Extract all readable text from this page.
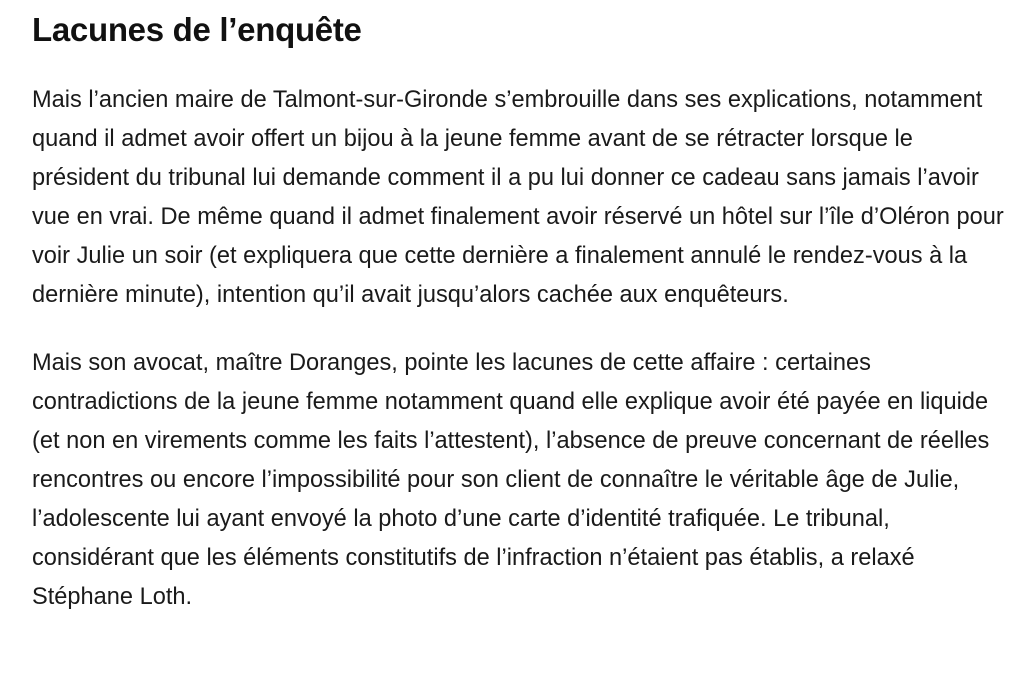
Lacunes de l’enquête

Mais l’ancien maire de Talmont-sur-Gironde s’embrouille dans ses explications, notamment quand il admet avoir offert un bijou à la jeune femme avant de se rétracter lorsque le président du tribunal lui demande comment il a pu lui donner ce cadeau sans jamais l’avoir vue en vrai. De même quand il admet finalement avoir réservé un hôtel sur l’île d’Oléron pour voir Julie un soir (et expliquera que cette dernière a finalement annulé le rendez-vous à la dernière minute), intention qu’il avait jusqu’alors cachée aux enquêteurs.

Mais son avocat, maître Doranges, pointe les lacunes de cette affaire : certaines contradictions de la jeune femme notamment quand elle explique avoir été payée en liquide (et non en virements comme les faits l’attestent), l’absence de preuve concernant de réelles rencontres ou encore l’impossibilité pour son client de connaître le véritable âge de Julie, l’adolescente lui ayant envoyé la photo d’une carte d’identité trafiquée. Le tribunal, considérant que les éléments constitutifs de l’infraction n’étaient pas établis, a relaxé Stéphane Loth.
